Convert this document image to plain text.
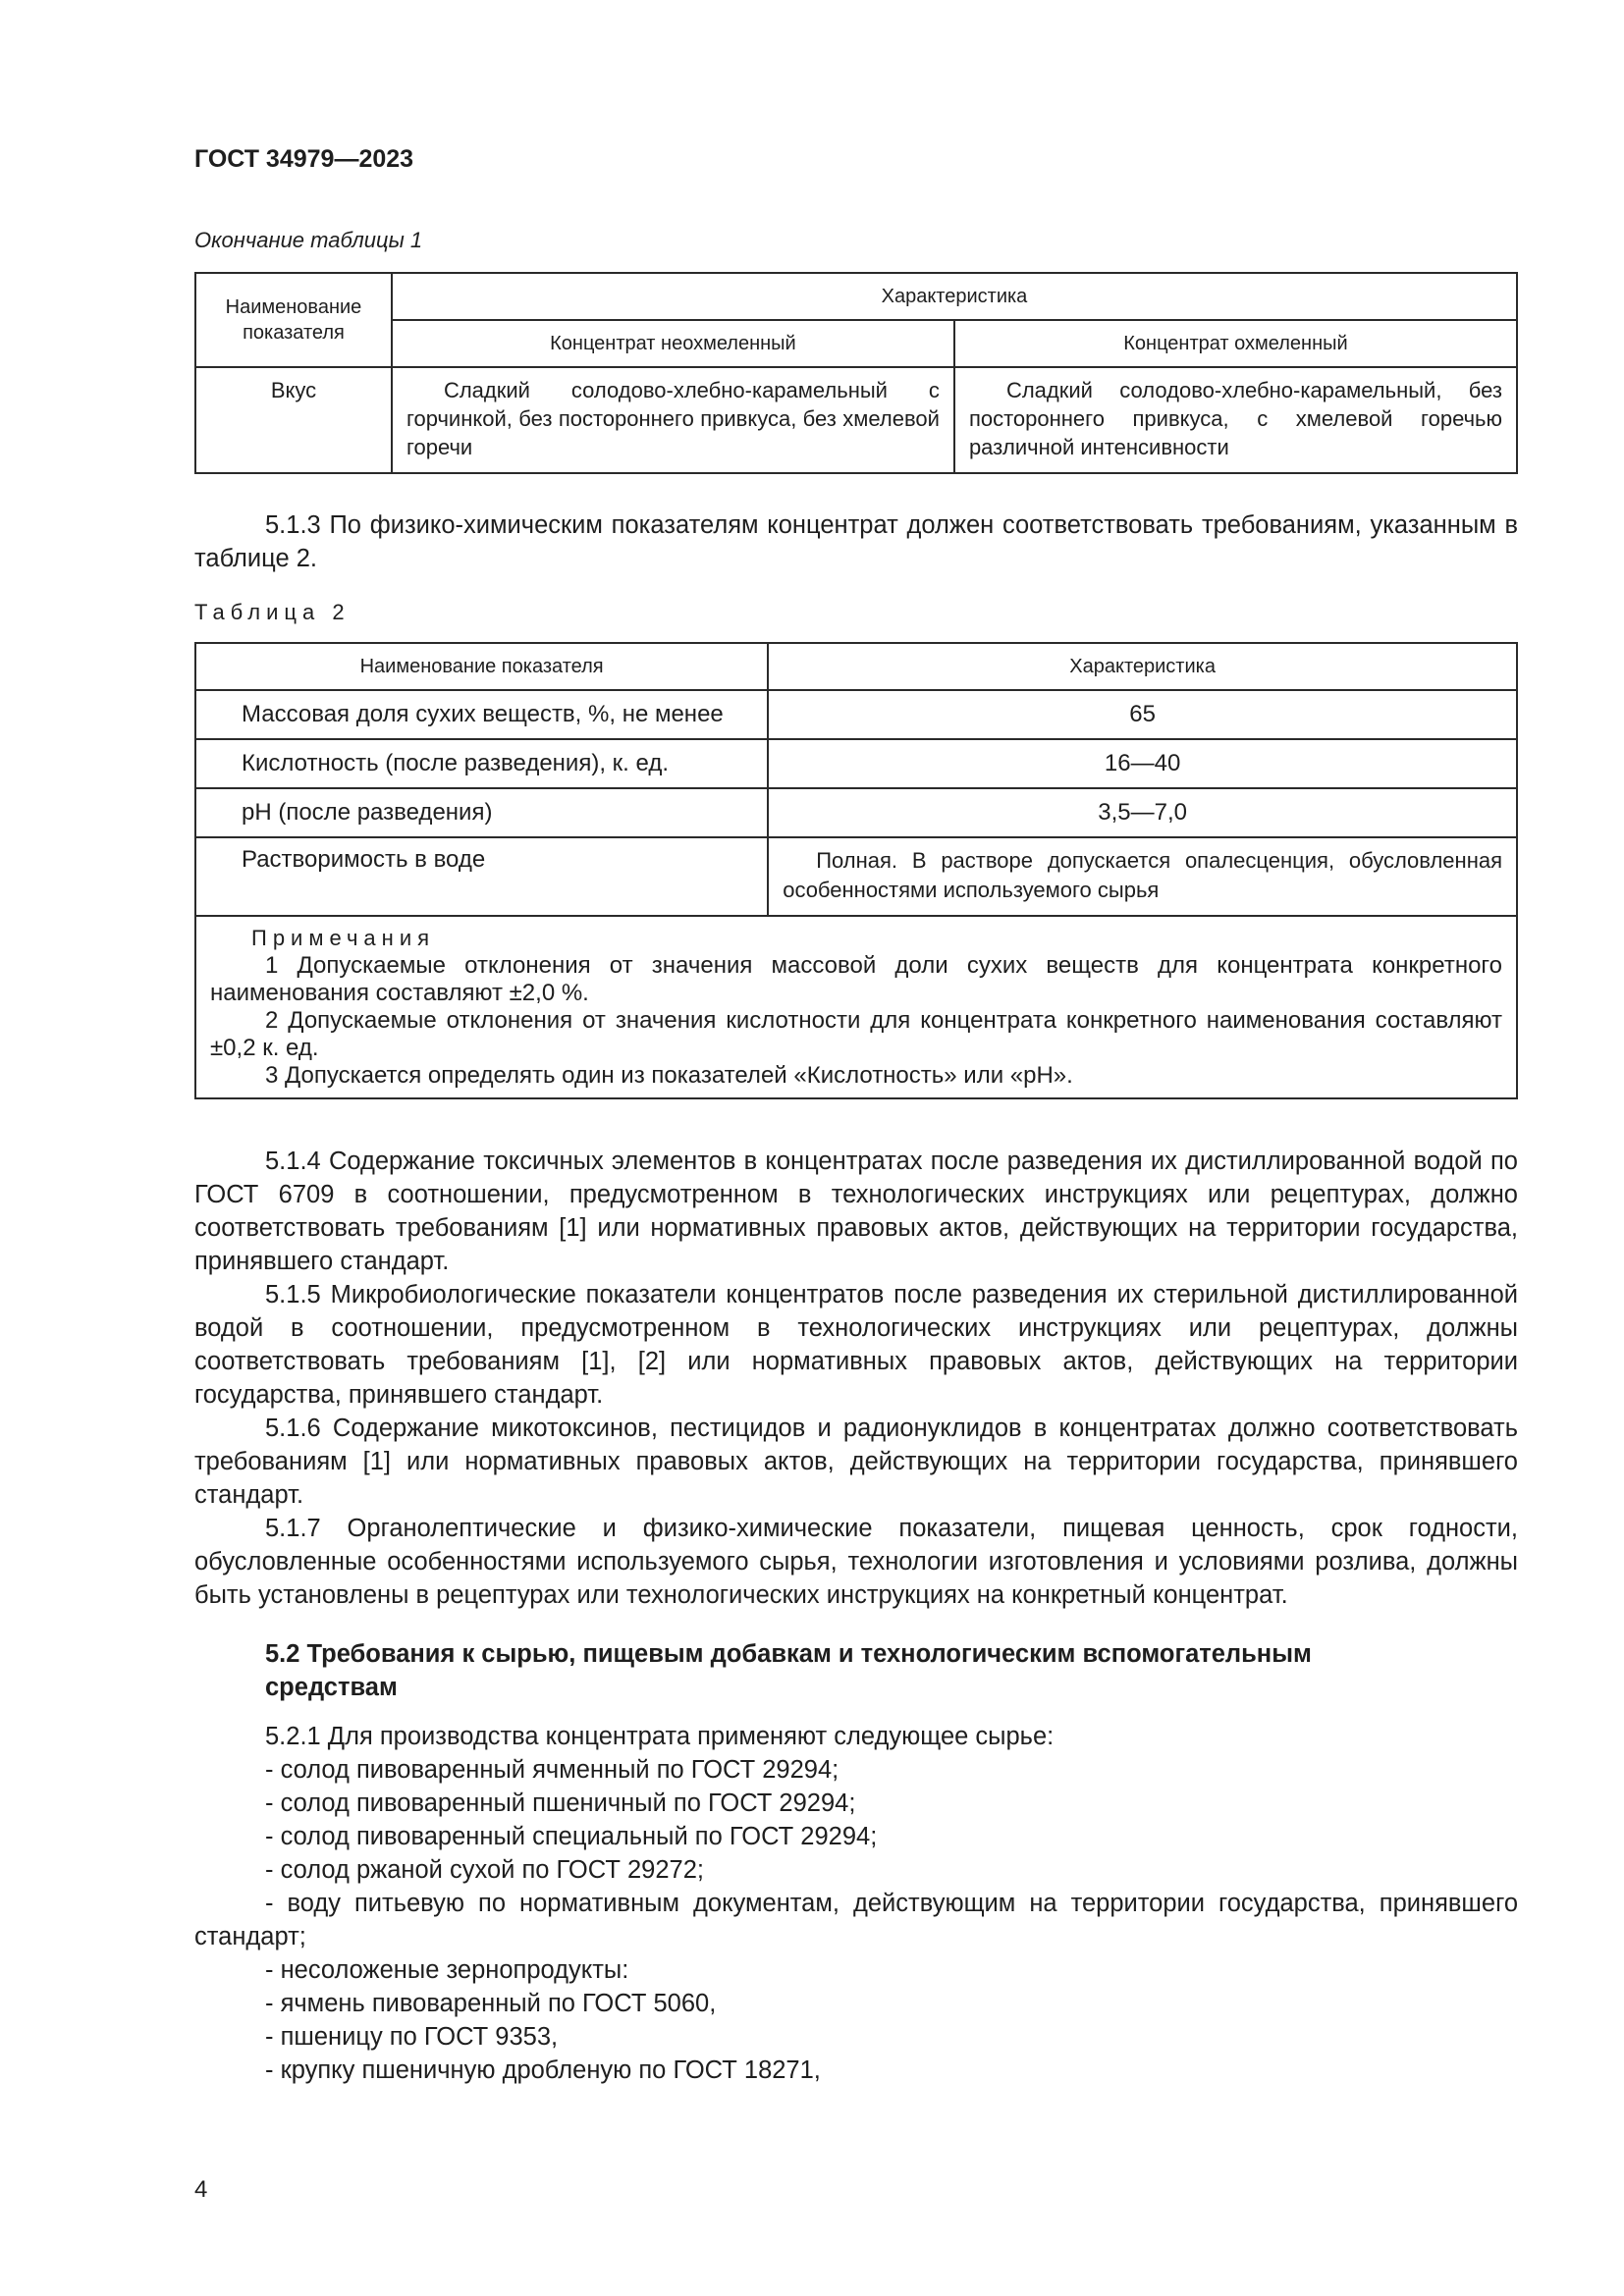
ГОСТ 34979—2023
Окончание таблицы 1
Наименование показателя	Характеристика	
	Концентрат неохмеленный	Концентрат охмеленный
Вкус	Сладкий солодово-хлебно-карамельный с горчинкой, без постороннего привкуса, без хмелевой горечи	Сладкий солодово-хлебно-карамельный, без постороннего привкуса, с хмелевой горечью различной интенсивности

5.1.3 По физико-химическим показателям концентрат должен соответствовать требованиям, указанным в таблице 2.

Таблица 2
Наименование показателя	Характеристика
Массовая доля сухих веществ, %, не менее	65
Кислотность (после разведения), к. ед.	16—40
pH (после разведения)	3,5—7,0
Растворимость в воде	Полная. В растворе допускается опалесценция, обусловленная особенностями используемого сырья

Примечания

1 Допускаемые отклонения от значения массовой доли сухих веществ для концентрата конкретного наименования составляют ±2,0 %.

2 Допускаемые отклонения от значения кислотности для концентрата конкретного наименования составляют ±0,2 к. ед.

3 Допускается определять один из показателей «Кислотность» или «pH».	

5.1.4 Содержание токсичных элементов в концентратах после разведения их дистиллированной водой по ГОСТ 6709 в соотношении, предусмотренном в технологических инструкциях или рецептурах, должно соответствовать требованиям [1] или нормативных правовых актов, действующих на территории государства, принявшего стандарт.

5.1.5 Микробиологические показатели концентратов после разведения их стерильной дистиллированной водой в соотношении, предусмотренном в технологических инструкциях или рецептурах, должны соответствовать требованиям [1], [2] или нормативных правовых актов, действующих на территории государства, принявшего стандарт.

5.1.6 Содержание микотоксинов, пестицидов и радионуклидов в концентратах должно соответствовать требованиям [1] или нормативных правовых актов, действующих на территории государства, принявшего стандарт.

5.1.7 Органолептические и физико-химические показатели, пищевая ценность, срок годности, обусловленные особенностями используемого сырья, технологии изготовления и условиями розлива, должны быть установлены в рецептурах или технологических инструкциях на конкретный концентрат.

5.2 Требования к сырью, пищевым добавкам и технологическим вспомогательным средствам

5.2.1 Для производства концентрата применяют следующее сырье:

- солод пивоваренный ячменный по ГОСТ 29294;

- солод пивоваренный пшеничный по ГОСТ 29294;

- солод пивоваренный специальный по ГОСТ 29294;

- солод ржаной сухой по ГОСТ 29272;

- воду питьевую по нормативным документам, действующим на территории государства, принявшего стандарт;

- несоложеные зернопродукты:

- ячмень пивоваренный по ГОСТ 5060,

- пшеницу по ГОСТ 9353,

- крупку пшеничную дробленую по ГОСТ 18271,

4
